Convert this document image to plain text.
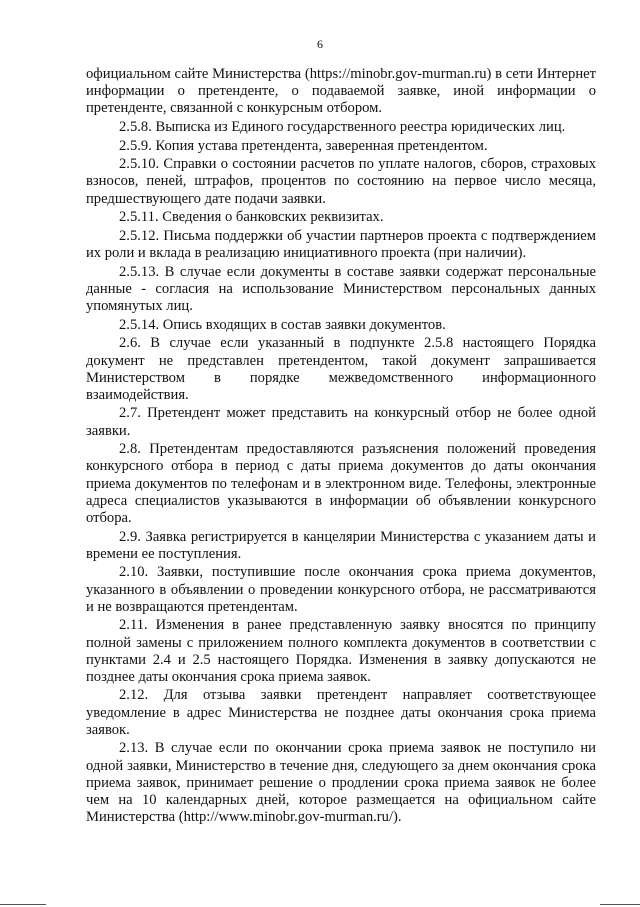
6

официальном сайте Министерства (https://minobr.gov-murman.ru) в сети Интернет информации о претенденте, о подаваемой заявке, иной информации о претенденте, связанной с конкурсным отбором.

2.5.8. Выписка из Единого государственного реестра юридических лиц.

2.5.9. Копия устава претендента, заверенная претендентом.

2.5.10. Справки о состоянии расчетов по уплате налогов, сборов, страховых взносов, пеней, штрафов, процентов по состоянию на первое число месяца, предшествующего дате подачи заявки.

2.5.11. Сведения о банковских реквизитах.

2.5.12. Письма поддержки об участии партнеров проекта с подтверждением их роли и вклада в реализацию инициативного проекта (при наличии).

2.5.13. В случае если документы в составе заявки содержат персональные данные - согласия на использование Министерством персональных данных упомянутых лиц.

2.5.14. Опись входящих в состав заявки документов.

2.6. В случае если указанный в подпункте 2.5.8 настоящего Порядка документ не представлен претендентом, такой документ запрашивается Министерством в порядке межведомственного информационного взаимодействия.

2.7. Претендент может представить на конкурсный отбор не более одной заявки.

2.8. Претендентам предоставляются разъяснения положений проведения конкурсного отбора в период с даты приема документов до даты окончания приема документов по телефонам и в электронном виде. Телефоны, электронные адреса специалистов указываются в информации об объявлении конкурсного отбора.

2.9. Заявка регистрируется в канцелярии Министерства с указанием даты и времени ее поступления.

2.10. Заявки, поступившие после окончания срока приема документов, указанного в объявлении о проведении конкурсного отбора, не рассматриваются и не возвращаются претендентам.

2.11. Изменения в ранее представленную заявку вносятся по принципу полной замены с приложением полного комплекта документов в соответствии с пунктами 2.4 и 2.5 настоящего Порядка. Изменения в заявку допускаются не позднее даты окончания срока приема заявок.

2.12. Для отзыва заявки претендент направляет соответствующее уведомление в адрес Министерства не позднее даты окончания срока приема заявок.

2.13. В случае если по окончании срока приема заявок не поступило ни одной заявки, Министерство в течение дня, следующего за днем окончания срока приема заявок, принимает решение о продлении срока приема заявок не более чем на 10 календарных дней, которое размещается на официальном сайте Министерства (http://www.minobr.gov-murman.ru/).
